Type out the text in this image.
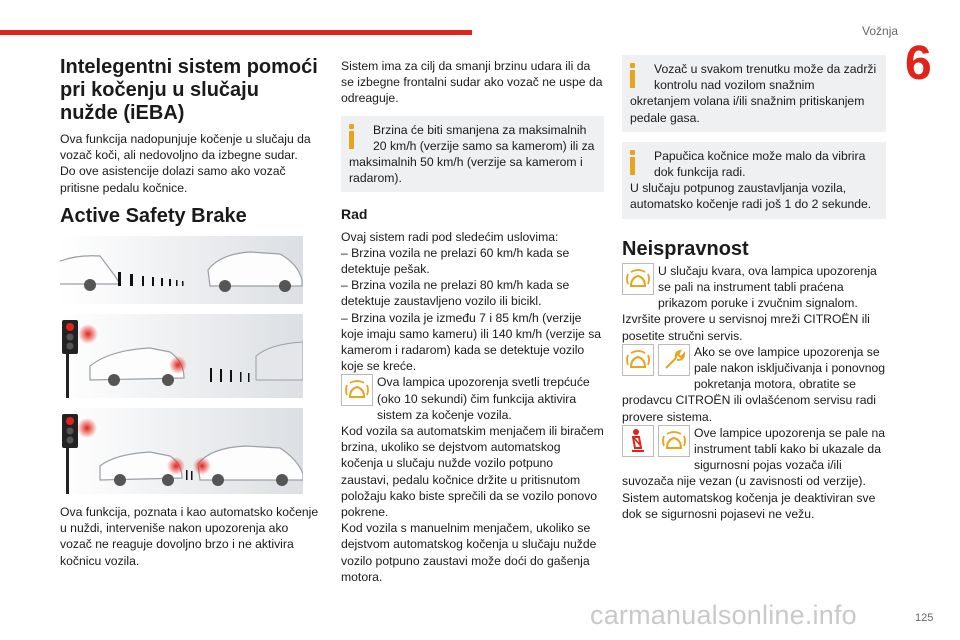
Vožnja
6
Intelegentni sistem pomoći pri kočenju u slučaju nužde (iEBA)

Ova funkcija nadopunjuje kočenje u slučaju da vozač koči, ali nedovoljno da izbegne sudar.

Do ove asistencije dolazi samo ako vozač pritisne pedalu kočnice.

Active Safety Brake

Ova funkcija, poznata i kao automatsko kočenje u nuždi, interveniše nakon upozorenja ako vozač ne reaguje dovoljno brzo i ne aktivira kočnicu vozila.

Sistem ima za cilj da smanji brzinu udara ili da se izbegne frontalni sudar ako vozač ne uspe da odreaguje.

Brzina će biti smanjena za maksimalnih 20 km/h (verzije samo sa kamerom) ili za
maksimalnih 50 km/h (verzije sa kamerom i radarom).
Rad

Ovaj sistem radi pod sledećim uslovima:

– Brzina vozila ne prelazi 60 km/h kada se detektuje pešak.

– Brzina vozila ne prelazi 80 km/h kada se detektuje zaustavljeno vozilo ili bicikl.

– Brzina vozila je između 7 i 85 km/h (verzije koje imaju samo kameru) ili 140 km/h (verzije sa kamerom i radarom) kada se detektuje vozilo koje se kreće.

Ova lampica upozorenja svetli trepćuće (oko 10 sekundi) čim funkcija aktivira sistem za kočenje vozila.

Kod vozila sa automatskim menjačem ili biračem brzina, ukoliko se dejstvom automatskog kočenja u slučaju nužde vozilo potpuno zaustavi, pedalu kočnice držite u pritisnutom položaju kako biste sprečili da se vozilo ponovo pokrene.

Kod vozila s manuelnim menjačem, ukoliko se dejstvom automatskog kočenja u slučaju nužde vozilo potpuno zaustavi može doći do gašenja motora.

Vozač u svakom trenutku može da zadrži kontrolu nad vozilom snažnim
okretanjem volana i/ili snažnim pritiskanjem pedale gasa.
Papučica kočnice može malo da vibrira dok funkcija radi.
U slučaju potpunog zaustavljanja vozila, automatsko kočenje radi još 1 do 2 sekunde.
Neispravnost
U slučaju kvara, ova lampica upozorenja se pali na instrument tabli praćena prikazom poruke i zvučnim signalom.

Izvršite provere u servisnoj mreži CITROËN ili posetite stručni servis.

Ako se ove lampice upozorenja se pale nakon isključivanja i ponovnog pokretanja motora, obratite se prodavcu CITROËN ili ovlašćenom servisu radi provere sistema.
Ove lampice upozorenja se pale na instrument tabli kako bi ukazale da sigurnosni pojas vozača i/ili suvozača nije vezan (u zavisnosti od verzije). Sistem automatskog kočenja je deaktiviran sve dok se sigurnosni pojasevi ne vežu.
carmanualsonline.info	125
